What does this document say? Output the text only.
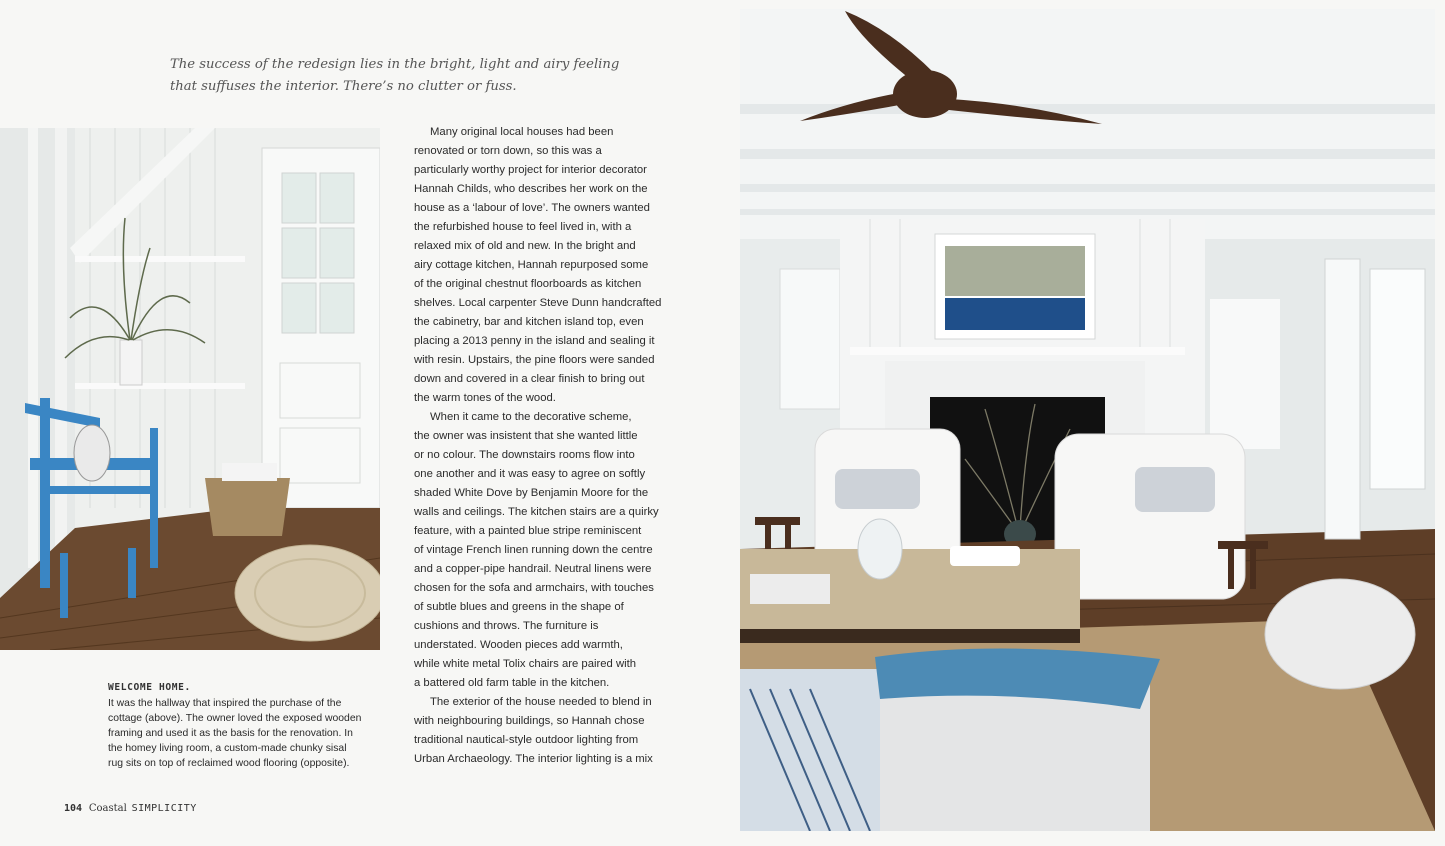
The success of the redesign lies in the bright, light and airy feeling
that suffuses the interior. There’s no clutter or fuss.
WELCOME HOME.
It was the hallway that inspired the purchase of the
cottage (above). The owner loved the exposed wooden
framing and used it as the basis for the renovation. In
the homey living room, a custom-made chunky sisal
rug sits on top of reclaimed wood flooring (opposite).
Many original local houses had been
renovated or torn down, so this was a
particularly worthy project for interior decorator
Hannah Childs, who describes her work on the
house as a ‘labour of love’. The owners wanted
the refurbished house to feel lived in, with a
relaxed mix of old and new. In the bright and
airy cottage kitchen, Hannah repurposed some
of the original chestnut floorboards as kitchen
shelves. Local carpenter Steve Dunn handcrafted
the cabinetry, bar and kitchen island top, even
placing a 2013 penny in the island and sealing it
with resin. Upstairs, the pine floors were sanded
down and covered in a clear finish to bring out
the warm tones of the wood.
When it came to the decorative scheme,
the owner was insistent that she wanted little
or no colour. The downstairs rooms flow into
one another and it was easy to agree on softly
shaded White Dove by Benjamin Moore for the
walls and ceilings. The kitchen stairs are a quirky
feature, with a painted blue stripe reminiscent
of vintage French linen running down the centre
and a copper-pipe handrail. Neutral linens were
chosen for the sofa and armchairs, with touches
of subtle blues and greens in the shape of
cushions and throws. The furniture is
understated. Wooden pieces add warmth,
while white metal Tolix chairs are paired with
a battered old farm table in the kitchen.
The exterior of the house needed to blend in
with neighbouring buildings, so Hannah chose
traditional nautical-style outdoor lighting from
Urban Archaeology. The interior lighting is a mix
104 Coastal SIMPLICITY
